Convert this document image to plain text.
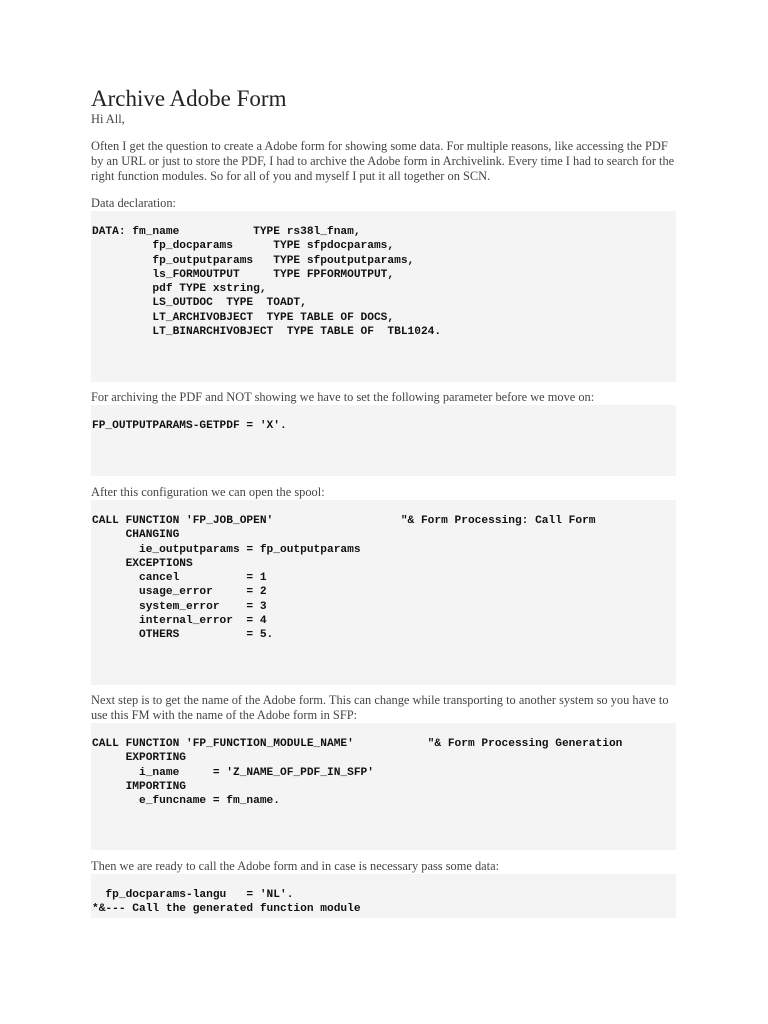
Archive Adobe Form

Hi All,

Often I get the question to create a Adobe form for showing some data. For multiple reasons, like accessing the PDF by an URL or just to store the PDF, I had to archive the Adobe form in Archivelink. Every time I had to search for the right function modules. So for all of you and myself I put it all together on SCN.

Data declaration:

DATA: fm_name           TYPE rs38l_fnam,
fp_docparams      TYPE sfpdocparams,
fp_outputparams   TYPE sfpoutputparams,
ls_FORMOUTPUT     TYPE FPFORMOUTPUT,
pdf TYPE xstring,
LS_OUTDOC  TYPE  TOADT,
LT_ARCHIVOBJECT  TYPE TABLE OF DOCS,
LT_BINARCHIVOBJECT  TYPE TABLE OF  TBL1024.

For archiving the PDF and NOT showing we have to set the following parameter before we move on:

FP_OUTPUTPARAMS-GETPDF = 'X'.

After this configuration we can open the spool:

CALL FUNCTION 'FP_JOB_OPEN'                   "& Form Processing: Call Form
CHANGING
ie_outputparams = fp_outputparams
EXCEPTIONS
cancel          = 1
usage_error     = 2
system_error    = 3
internal_error  = 4
OTHERS          = 5.

Next step is to get the name of the Adobe form. This can change while transporting to another system so you have to use this FM with the name of the Adobe form in SFP:

CALL FUNCTION 'FP_FUNCTION_MODULE_NAME'           "& Form Processing Generation
EXPORTING
i_name     = 'Z_NAME_OF_PDF_IN_SFP'
IMPORTING
e_funcname = fm_name.

Then we are ready to call the Adobe form and in case is necessary pass some data:

fp_docparams-langu   = 'NL'.
*&--- Call the generated function module
